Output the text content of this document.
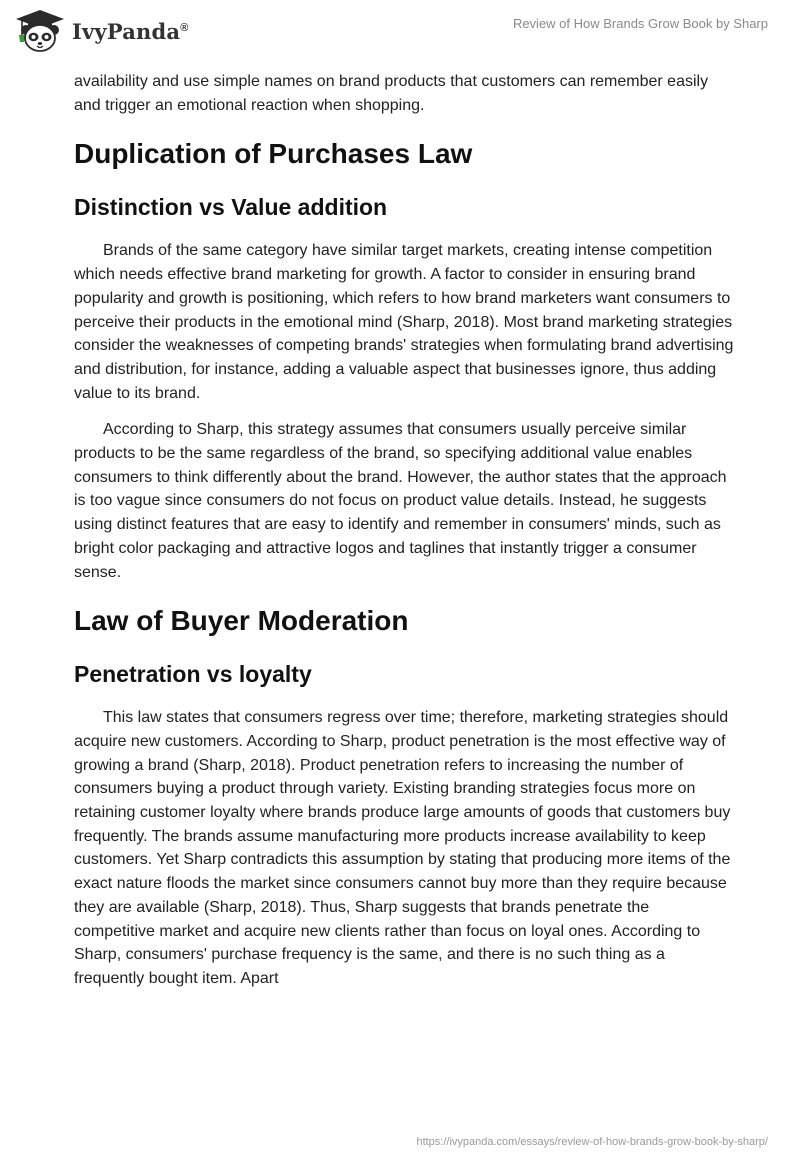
IvyPanda®	Review of How Brands Grow Book by Sharp

availability and use simple names on brand products that customers can remember easily and trigger an emotional reaction when shopping.

Duplication of Purchases Law
Distinction vs Value addition

Brands of the same category have similar target markets, creating intense competition which needs effective brand marketing for growth. A factor to consider in ensuring brand popularity and growth is positioning, which refers to how brand marketers want consumers to perceive their products in the emotional mind (Sharp, 2018). Most brand marketing strategies consider the weaknesses of competing brands' strategies when formulating brand advertising and distribution, for instance, adding a valuable aspect that businesses ignore, thus adding value to its brand.

According to Sharp, this strategy assumes that consumers usually perceive similar products to be the same regardless of the brand, so specifying additional value enables consumers to think differently about the brand. However, the author states that the approach is too vague since consumers do not focus on product value details. Instead, he suggests using distinct features that are easy to identify and remember in consumers' minds, such as bright color packaging and attractive logos and taglines that instantly trigger a consumer sense.

Law of Buyer Moderation
Penetration vs loyalty

This law states that consumers regress over time; therefore, marketing strategies should acquire new customers. According to Sharp, product penetration is the most effective way of growing a brand (Sharp, 2018). Product penetration refers to increasing the number of consumers buying a product through variety. Existing branding strategies focus more on retaining customer loyalty where brands produce large amounts of goods that customers buy frequently. The brands assume manufacturing more products increase availability to keep customers. Yet Sharp contradicts this assumption by stating that producing more items of the exact nature floods the market since consumers cannot buy more than they require because they are available (Sharp, 2018). Thus, Sharp suggests that brands penetrate the competitive market and acquire new clients rather than focus on loyal ones. According to Sharp, consumers' purchase frequency is the same, and there is no such thing as a frequently bought item. Apart

https://ivypanda.com/essays/review-of-how-brands-grow-book-by-sharp/
